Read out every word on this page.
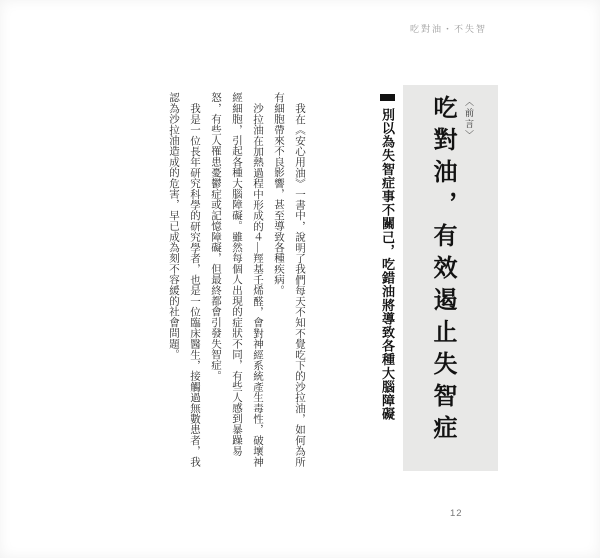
吃對油・不失智
〈前言〉
吃對油，有效遏止失智症
別以為失智症事不關己，吃錯油將導致各種大腦障礙

我在《安心用油》一書中，說明了我們每天不知不覺吃下的沙拉油，如何為所有細胞帶來不良影響，甚至導致各種疾病。

沙拉油在加熱過程中形成的４—羥基壬烯醛，會對神經系統產生毒性，破壞神經細胞，引起各種大腦障礙。雖然每個人出現的症狀不同，有些人感到暴躁易怒，有些人罹患憂鬱症或記憶障礙，但最終都會引發失智症。

我是一位長年研究科學的研究學者，也是一位臨床醫生，接觸過無數患者，我認為沙拉油造成的危害，早已成為刻不容緩的社會問題。

12
